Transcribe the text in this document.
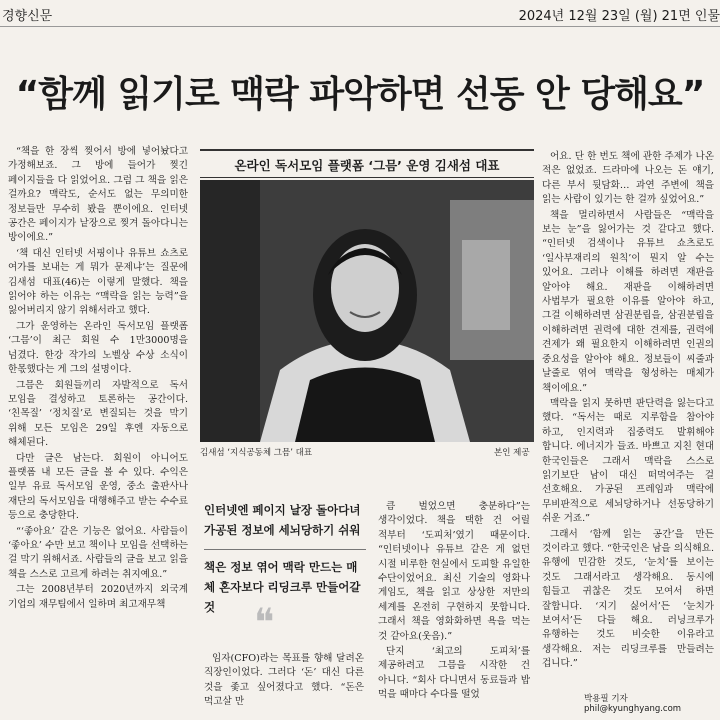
경향신문	2024년 12월 23일 (월) 21면 인물
“함께 읽기로 맥락 파악하면 선동 안 당해요”

“책을 한 장씩 찢어서 방에 넣어놨다고 가정해보죠. 그 방에 들어가 찢긴 페이지들을 다 읽었어요. 그럼 그 책을 읽은 걸까요? 맥락도, 순서도 없는 무의미한 정보들만 무수히 봤을 뿐이에요. 인터넷 공간은 페이지가 낱장으로 찢겨 돌아다니는 방이에요.”

‘책 대신 인터넷 서핑이나 유튜브 쇼츠로 여가를 보내는 게 뭐가 문제냐’는 질문에 김새섬 대표(46)는 이렇게 말했다. 책을 읽어야 하는 이유는 “맥락을 읽는 능력”을 잃어버리지 않기 위해서라고 했다.

그가 운영하는 온라인 독서모임 플랫폼 ‘그믐’이 최근 회원 수 1만3000명을 넘겼다. 한강 작가의 노벨상 수상 소식이 한몫했다는 게 그의 설명이다.

그믐은 회원들끼리 자발적으로 독서 모임을 결성하고 토론하는 공간이다. ‘친목질’ ‘정치질’로 변질되는 것을 막기 위해 모든 모임은 29일 후엔 자동으로 해체된다.

다만 글은 남는다. 회원이 아니어도 플랫폼 내 모든 글을 볼 수 있다. 수익은 일부 유료 독서모임 운영, 중소 출판사나 재단의 독서모임을 대행해주고 받는 수수료 등으로 충당한다.

“‘좋아요’ 같은 기능은 없어요. 사람들이 ‘좋아요’ 수만 보고 책이나 모임을 선택하는 걸 막기 위해서죠. 사람들의 글을 보고 읽을 책을 스스로 고르게 하려는 취지예요.”

그는 2008년부터 2020년까지 외국계 기업의 재무팀에서 일하며 최고재무책

온라인 독서모임 플랫폼 ‘그믐’ 운영 김새섬 대표
김새섬 ‘지식공동체 그믐’ 대표	본인 제공

인터넷엔 페이지 날장 돌아다녀 가공된 정보에 세뇌당하기 쉬워

책은 정보 엮어 맥락 만드는 매체 혼자보다 리딩크루 만들어갈 것	❝

임자(CFO)라는 목표를 향해 달려온 직장인이었다. 그러다 ‘돈’ 대신 다른 것을 좇고 싶어졌다고 했다. “돈은 먹고살 만

큼 벌었으면 충분하다”는 생각이었다. 책을 택한 건 어릴 적부터 ‘도피처’였기 때문이다. “인터넷이나 유튜브 같은 게 없던 시절 비루한 현실에서 도피할 유일한 수단이었어요. 최신 기술의 영화나 게임도, 책을 읽고 상상한 저만의 세계를 온전히 구현하지 못합니다. 그래서 책을 영화화하면 욕을 먹는 것 같아요(웃음).”

단지 ‘최고의 도피처’를 제공하려고 그믐을 시작한 건 아니다. “회사 다니면서 동료들과 밥 먹을 때마다 수다를 떨었

어요. 단 한 번도 책에 관한 주제가 나온 적은 없었죠. 드라마에 나오는 돈 얘기, 다른 부서 뒷담화… 과연 주변에 책을 읽는 사람이 있기는 한 걸까 싶었어요.”

책을 멀리하면서 사람들은 “맥락을 보는 눈”을 잃어가는 것 같다고 했다. “인터넷 검색이나 유튜브 쇼츠로도 ‘일사부재리의 원칙’이 뭔지 알 수는 있어요. 그러나 이해를 하려면 재판을 알아야 해요. 재판을 이해하려면 사법부가 필요한 이유를 알아야 하고, 그걸 이해하려면 삼권분립을, 삼권분립을 이해하려면 권력에 대한 견제를, 권력에 견제가 왜 필요한지 이해하려면 인권의 중요성을 알아야 해요. 정보들이 씨줄과 날줄로 엮여 맥락을 형성하는 매체가 책이에요.”

맥락을 읽지 못하면 판단력을 잃는다고 했다. “독서는 때로 지루함을 참아야 하고, 인지력과 집중력도 발휘해야 합니다. 에너지가 들죠. 바쁘고 지친 현대 한국인들은 그래서 맥락을 스스로 읽기보단 남이 대신 떠먹여주는 걸 선호해요. 가공된 프레임과 맥락에 무비판적으로 세뇌당하거나 선동당하기 쉬운 거죠.”

그래서 ‘함께 읽는 공간’을 만든 것이라고 했다. “한국인은 남을 의식해요. 유행에 민감한 것도, ‘눈치’를 보이는 것도 그래서라고 생각해요. 동시에 힘들고 귀찮은 것도 모여서 하면 잘합니다. ‘지기 싫어서’든 ‘눈치가 보여서’든 다들 해요. 러닝크루가 유행하는 것도 비슷한 이유라고 생각해요. 저는 리딩크루를 만들려는 겁니다.”

박용필 기자 phil@kyunghyang.com
